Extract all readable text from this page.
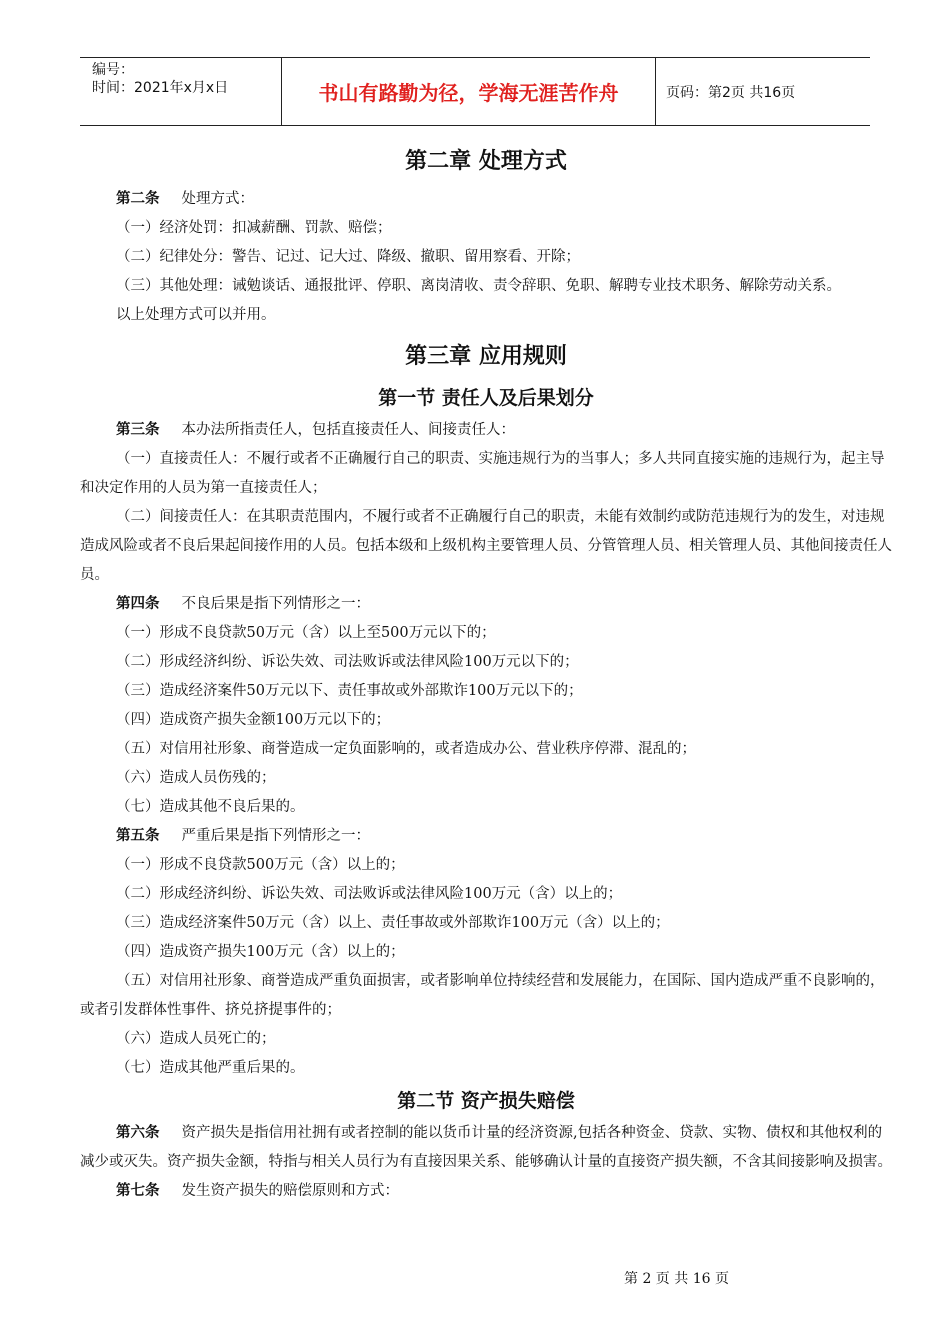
编号：
时间：2021年x月x日	书山有路勤为径，学海无涯苦作舟	页码：第2页 共16页
第二章 处理方式

第二条 处理方式：

（一）经济处罚：扣减薪酬、罚款、赔偿；

（二）纪律处分：警告、记过、记大过、降级、撤职、留用察看、开除；

（三）其他处理：诫勉谈话、通报批评、停职、离岗清收、责令辞职、免职、解聘专业技术职务、解除劳动关系。

以上处理方式可以并用。

第三章 应用规则
第一节 责任人及后果划分

第三条 本办法所指责任人，包括直接责任人、间接责任人：

（一）直接责任人：不履行或者不正确履行自己的职责、实施违规行为的当事人；多人共同直接实施的违规行为，起主导和决定作用的人员为第一直接责任人；

（二）间接责任人：在其职责范围内，不履行或者不正确履行自己的职责，未能有效制约或防范违规行为的发生，对违规造成风险或者不良后果起间接作用的人员。包括本级和上级机构主要管理人员、分管管理人员、相关管理人员、其他间接责任人员。

第四条 不良后果是指下列情形之一：

（一）形成不良贷款50万元（含）以上至500万元以下的；

（二）形成经济纠纷、诉讼失效、司法败诉或法律风险100万元以下的；

（三）造成经济案件50万元以下、责任事故或外部欺诈100万元以下的；

（四）造成资产损失金额100万元以下的；

（五）对信用社形象、商誉造成一定负面影响的，或者造成办公、营业秩序停滞、混乱的；

（六）造成人员伤残的；

（七）造成其他不良后果的。

第五条 严重后果是指下列情形之一：

（一）形成不良贷款500万元（含）以上的；

（二）形成经济纠纷、诉讼失效、司法败诉或法律风险100万元（含）以上的；

（三）造成经济案件50万元（含）以上、责任事故或外部欺诈100万元（含）以上的；

（四）造成资产损失100万元（含）以上的；

（五）对信用社形象、商誉造成严重负面损害，或者影响单位持续经营和发展能力，在国际、国内造成严重不良影响的，或者引发群体性事件、挤兑挤提事件的；

（六）造成人员死亡的；

（七）造成其他严重后果的。

第二节 资产损失赔偿

第六条 资产损失是指信用社拥有或者控制的能以货币计量的经济资源,包括各种资金、贷款、实物、债权和其他权利的减少或灭失。资产损失金额，特指与相关人员行为有直接因果关系、能够确认计量的直接资产损失额，不含其间接影响及损害。

第七条 发生资产损失的赔偿原则和方式：

第 2 页 共 16 页
